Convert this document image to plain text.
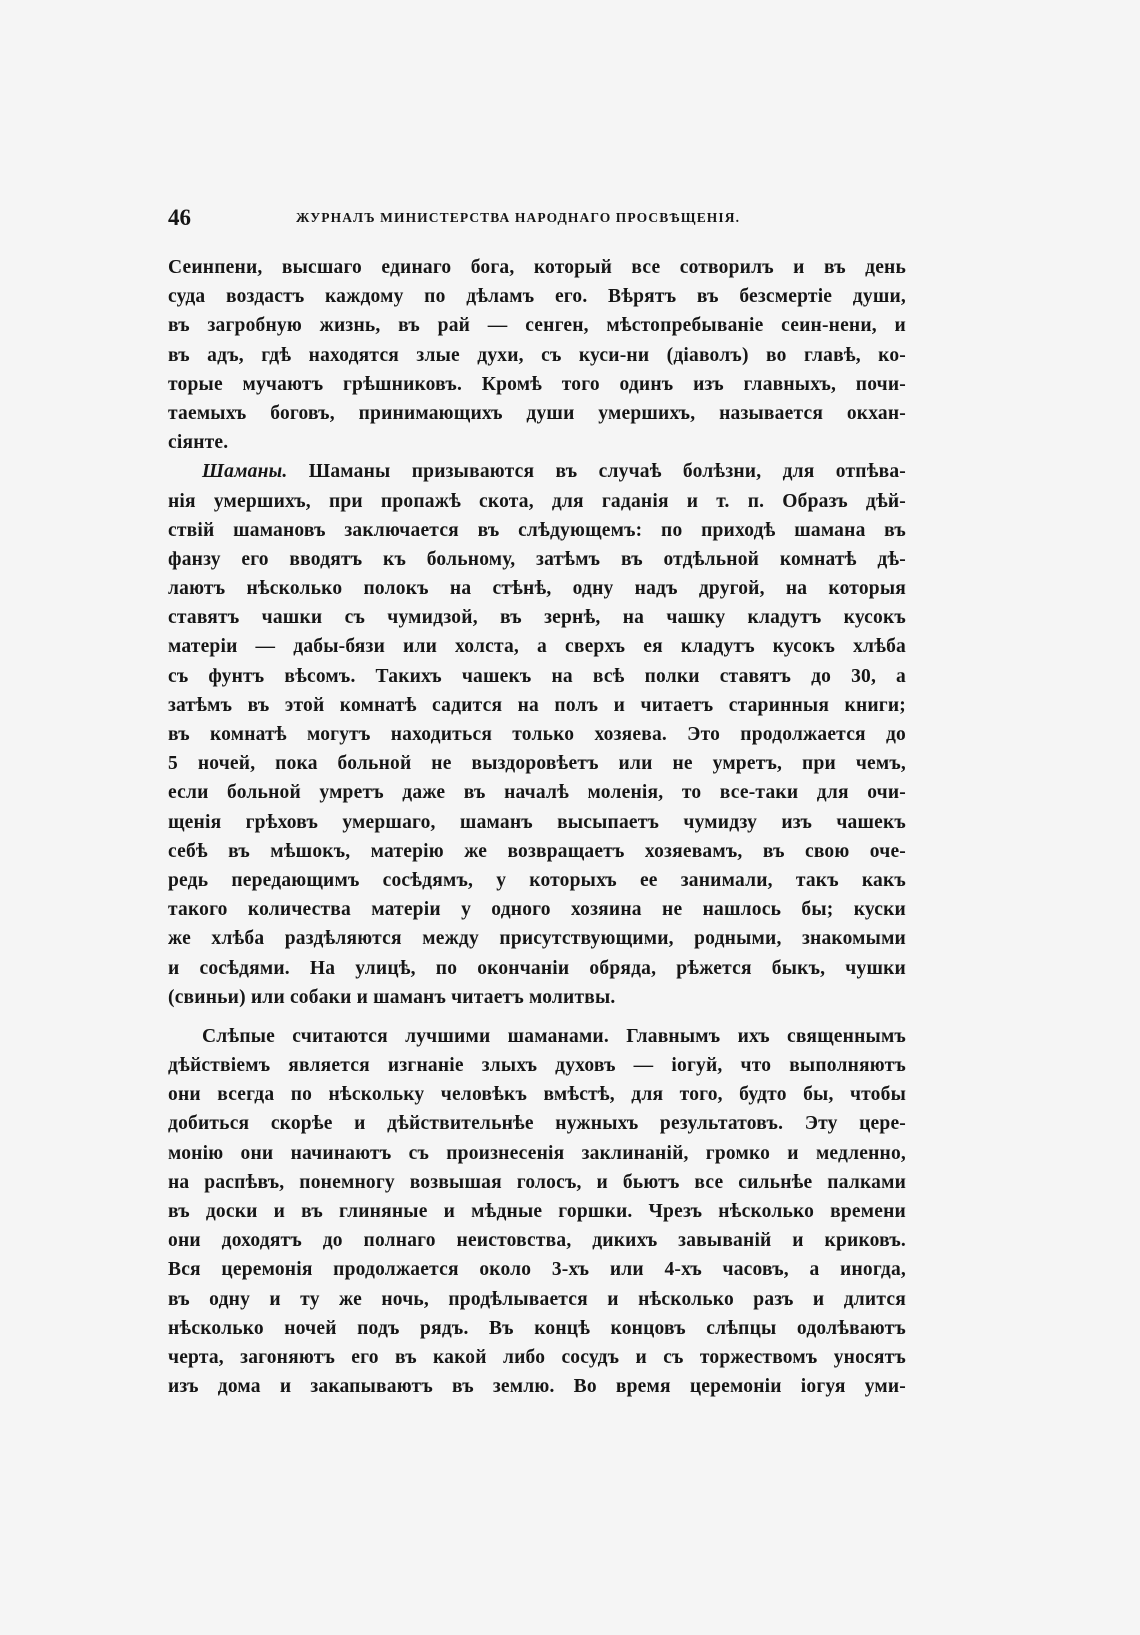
46	ЖУРНАЛЪ МИНИСТЕРСТВА НАРОДНАГО ПРОСВѢЩЕНІЯ.
Сеинпени, высшаго единаго бога, который все сотворилъ и въ день
суда воздастъ каждому по дѣламъ его. Вѣрятъ въ безсмертіе души,
въ загробную жизнь, въ рай — сенген, мѣстопребываніе сеин-нени, и
въ адъ, гдѣ находятся злые духи, съ куси-ни (діаволъ) во главѣ, ко-
торые мучаютъ грѣшниковъ. Кромѣ того одинъ изъ главныхъ, почи-
таемыхъ боговъ, принимающихъ души умершихъ, называется окхан-
сіянте.
Шаманы. Шаманы призываются въ случаѣ болѣзни, для отпѣва-
нія умершихъ, при пропажѣ скота, для гаданія и т. п. Образъ дѣй-
ствій шамановъ заключается въ слѣдующемъ: по приходѣ шамана въ
фанзу его вводятъ къ больному, затѣмъ въ отдѣльной комнатѣ дѣ-
лаютъ нѣсколько полокъ на стѣнѣ, одну надъ другой, на которыя
ставятъ чашки съ чумидзой, въ зернѣ, на чашку кладутъ кусокъ
матеріи — дабы-бязи или холста, а сверхъ ея кладутъ кусокъ хлѣба
съ фунтъ вѣсомъ. Такихъ чашекъ на всѣ полки ставятъ до 30, а
затѣмъ въ этой комнатѣ садится на полъ и читаетъ старинныя книги;
въ комнатѣ могутъ находиться только хозяева. Это продолжается до
5 ночей, пока больной не выздоровѣетъ или не умретъ, при чемъ,
если больной умретъ даже въ началѣ моленія, то все-таки для очи-
щенія грѣховъ умершаго, шаманъ высыпаетъ чумидзу изъ чашекъ
себѣ въ мѣшокъ, матерію же возвращаетъ хозяевамъ, въ свою оче-
редь передающимъ сосѣдямъ, у которыхъ ее занимали, такъ какъ
такого количества матеріи у одного хозяина не нашлось бы; куски
же хлѣба раздѣляются между присутствующими, родными, знакомыми
и сосѣдями. На улицѣ, по окончаніи обряда, рѣжется быкъ, чушки
(свиньи) или собаки и шаманъ читаетъ молитвы.
Слѣпые считаются лучшими шаманами. Главнымъ ихъ священнымъ
дѣйствіемъ является изгнаніе злыхъ духовъ — іогуй, что выполняютъ
они всегда по нѣскольку человѣкъ вмѣстѣ, для того, будто бы, чтобы
добиться скорѣе и дѣйствительнѣе нужныхъ результатовъ. Эту цере-
монію они начинаютъ съ произнесенія заклинаній, громко и медленно,
на распѣвъ, понемногу возвышая голосъ, и бьютъ все сильнѣе палками
въ доски и въ глиняные и мѣдные горшки. Чрезъ нѣсколько времени
они доходятъ до полнаго неистовства, дикихъ завываній и криковъ.
Вся церемонія продолжается около 3-хъ или 4-хъ часовъ, а иногда,
въ одну и ту же ночь, продѣлывается и нѣсколько разъ и длится
нѣсколько ночей подъ рядъ. Въ концѣ концовъ слѣпцы одолѣваютъ
черта, загоняютъ его въ какой либо сосудъ и съ торжествомъ уносятъ
изъ дома и закапываютъ въ землю. Во время церемоніи іогуя уми-
